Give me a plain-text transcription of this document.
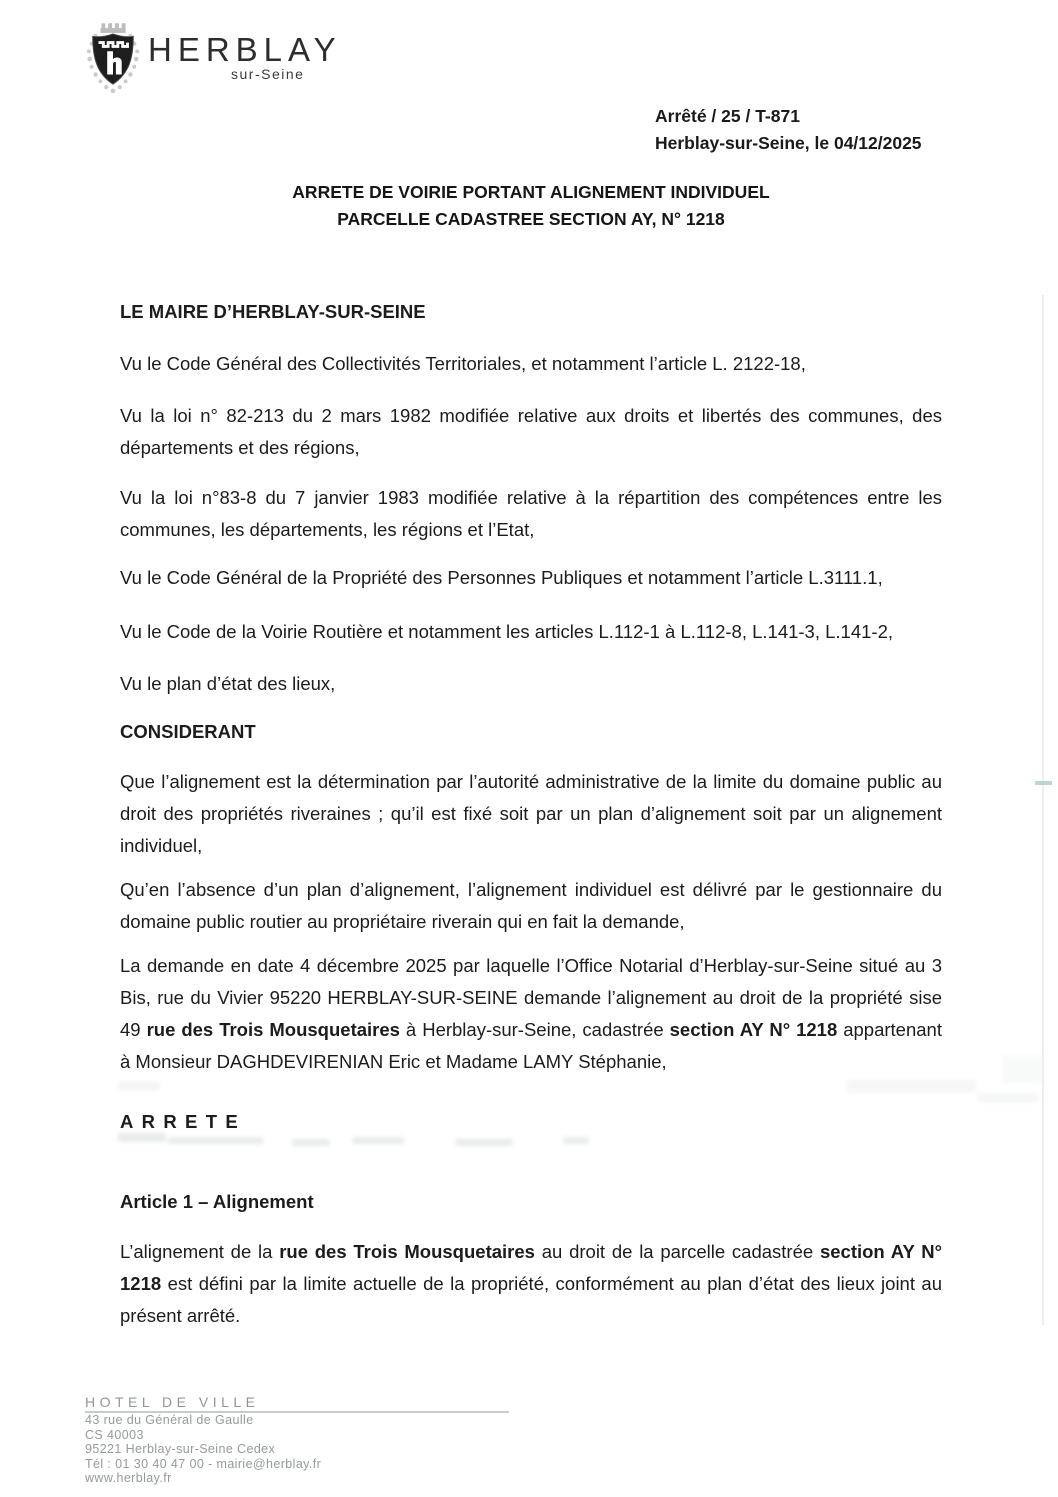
HERBLAY
sur-Seine
Arrêté / 25 / T-871
Herblay-sur-Seine, le 04/12/2025
ARRETE DE VOIRIE PORTANT ALIGNEMENT INDIVIDUEL
PARCELLE CADASTREE SECTION AY, N° 1218

LE MAIRE D’HERBLAY-SUR-SEINE

Vu le Code Général des Collectivités Territoriales, et notamment l’article L. 2122-18,

Vu la loi n° 82-213 du 2 mars 1982 modifiée relative aux droits et libertés des communes, des départements et des régions,

Vu la loi n°83-8 du 7 janvier 1983 modifiée relative à la répartition des compétences entre les communes, les départements, les régions et l’Etat,

Vu le Code Général de la Propriété des Personnes Publiques et notamment l’article L.3111.1,

Vu le Code de la Voirie Routière et notamment les articles L.112-1 à L.112-8, L.141-3, L.141-2,

Vu le plan d’état des lieux,

CONSIDERANT

Que l’alignement est la détermination par l’autorité administrative de la limite du domaine public au droit des propriétés riveraines ; qu’il est fixé soit par un plan d’alignement soit par un alignement individuel,

Qu’en l’absence d’un plan d’alignement, l’alignement individuel est délivré par le gestionnaire du domaine public routier au propriétaire riverain qui en fait la demande,

La demande en date 4 décembre 2025 par laquelle l’Office Notarial d’Herblay-sur-Seine situé au 3 Bis, rue du Vivier 95220 HERBLAY-SUR-SEINE demande l’alignement au droit de la propriété sise 49 rue des Trois Mousquetaires à Herblay-sur-Seine, cadastrée section AY N° 1218 appartenant à Monsieur DAGHDEVIRENIAN Eric et Madame LAMY Stéphanie,

ARRETE

Article 1 – Alignement

L’alignement de la rue des Trois Mousquetaires au droit de la parcelle cadastrée section AY N° 1218 est défini par la limite actuelle de la propriété, conformément au plan d’état des lieux joint au présent arrêté.

HOTEL DE VILLE
43 rue du Général de Gaulle
CS 40003
95221 Herblay-sur-Seine Cedex
Tél : 01 30 40 47 00 - mairie@herblay.fr
www.herblay.fr
